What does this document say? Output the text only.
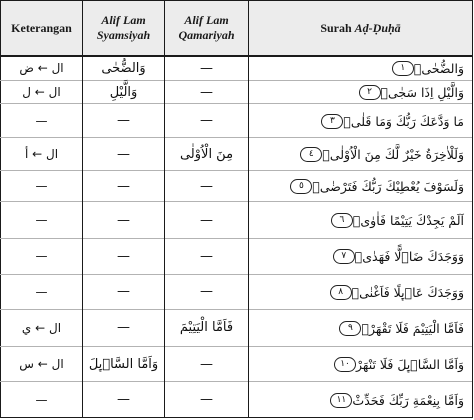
Keterangan	Alif Lam Syamsiyah	Alif Lam Qamariyah	Surah Aḍ-Ḍuḥā
ال ← ض	وَالضُّحٰى	—	وَالضُّحٰىۙ١
ال ← ل	وَالَّيْلِ	—	وَالَّيْلِ اِذَا سَجٰىۙ٢
—	—	—	مَا وَدَّعَكَ رَبُّكَ وَمَا قَلٰىۗ٣
ال ← أ	—	مِنَ الْاُوْلٰى	وَلَلْاٰخِرَةُ خَيْرٌ لَّكَ مِنَ الْاُوْلٰىۗ٤
—	—	—	وَلَسَوْفَ يُعْطِيْكَ رَبُّكَ فَتَرْضٰىۗ٥
—	—	—	اَلَمْ يَجِدْكَ يَتِيْمًا فَاٰوٰىۖ٦
—	—	—	وَوَجَدَكَ ضَاۤلًّا فَهَدٰىۖ٧
—	—	—	وَوَجَدَكَ عَاۤىِٕلًا فَاَغْنٰىۗ٨
ال ← ي	—	فَاَمَّا الْيَتِيْمَ	فَاَمَّا الْيَتِيْمَ فَلَا تَقْهَرْۗ٩
ال ← س	وَاَمَّا السَّاۤىِٕلَ	—	وَاَمَّا السَّاۤىِٕلَ فَلَا تَنْهَرْ١٠
—	—	—	وَاَمَّا بِنِعْمَةِ رَبِّكَ فَحَدِّثْ١١
